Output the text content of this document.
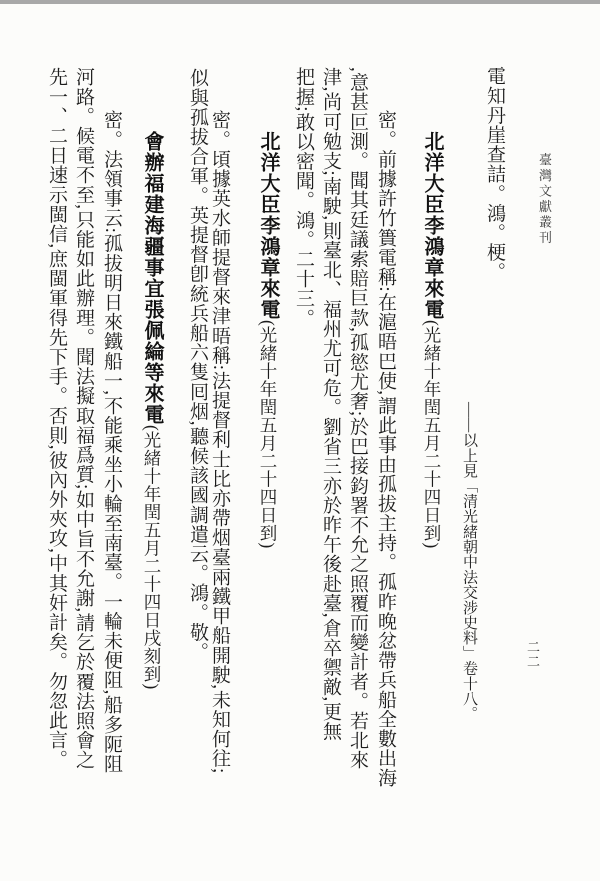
臺灣文獻叢刊
二二
電知丹崖查詰。鴻。梗。
——以上見「清光緒朝中法交涉史料」卷十八。
北洋大臣李鴻章來電(光緒十年閏五月二十四日到)
密。前據許竹簣電稱:在滬晤巴使,謂此事由孤拔主持。孤昨晚忿帶兵船全數出海
,意甚叵測。聞其廷議索賠巨款,孤慾尤奢;於巴接鈞署不允之照覆而變計者。若北來
津,尚可勉支;南駛,則臺北、福州尤可危。劉省三亦於昨午後赴臺,倉卒禦敵,更無
把握;敢以密聞。鴻。二十三。
北洋大臣李鴻章來電(光緒十年閏五月二十四日到)
密。頃據英水師提督來津晤稱:法提督利士比亦帶烟臺兩鐵甲船開駛,未知何往;
似與孤拔合軍。英提督卽統兵船六隻囘烟,聽候該國調遣云。鴻。敬。
會辦福建海疆事宜張佩綸等來電(光緒十年閏五月二十四日戌刻到)
密。法領事云:孤拔明日來鐵船一,不能乘坐小輪至南臺。一輪未便阻,船多阨阻
河路。候電不至,只能如此辦理。聞法擬取福爲質;如中旨不允謝,請乞於覆法照會之
先一、二日速示閩信,庶閩軍得先下手。否則,彼內外夾攻,中其奸計矣。勿忽此言。
